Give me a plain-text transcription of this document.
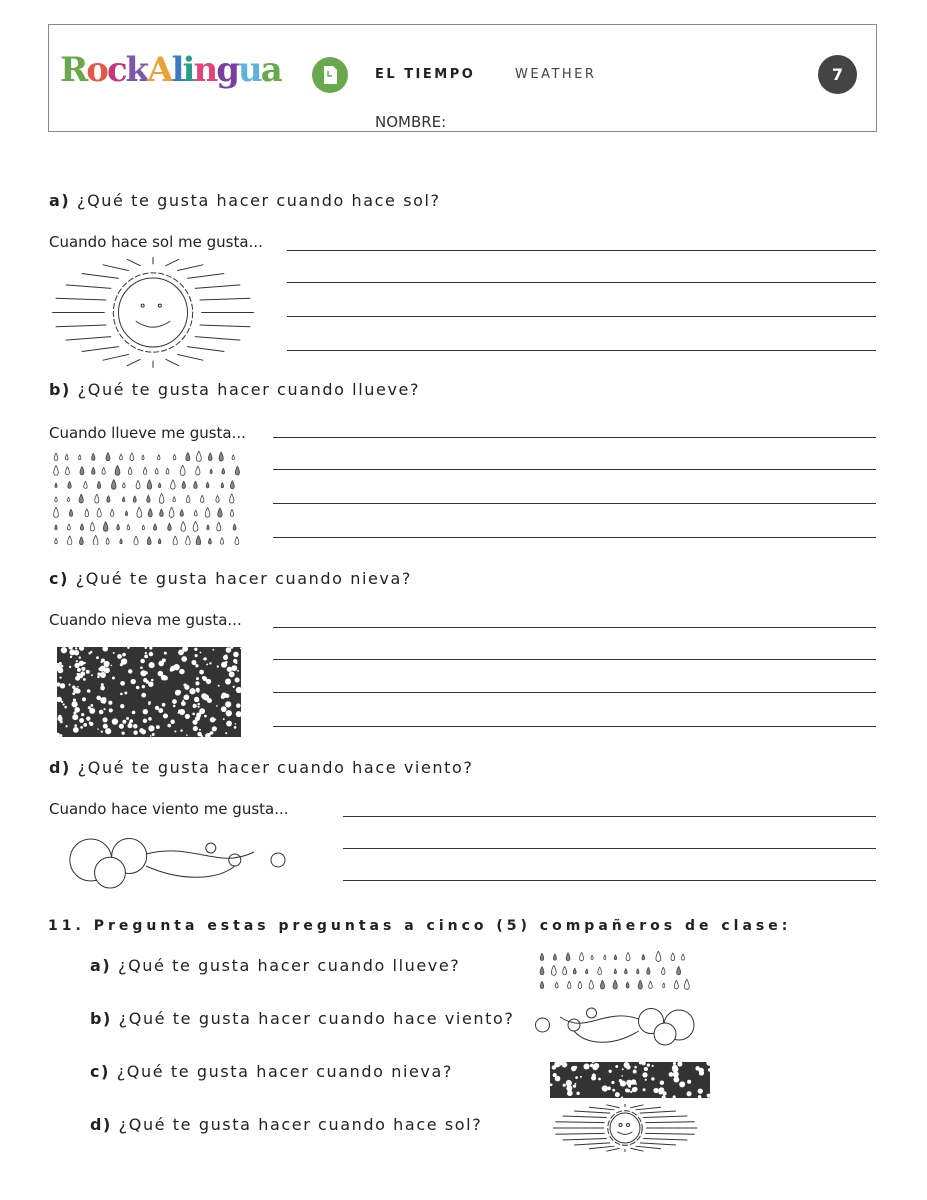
RockAlingua	EL TIEMPO	WEATHER	7
NOMBRE:
a) ¿Qué te gusta hacer cuando hace sol?
Cuando hace sol me gusta...
b) ¿Qué te gusta hacer cuando llueve?
Cuando llueve me gusta...
c) ¿Qué te gusta hacer cuando nieva?
Cuando nieva me gusta...
d) ¿Qué te gusta hacer cuando hace viento?
Cuando hace viento me gusta...
11. Pregunta estas preguntas a cinco (5) compañeros de clase:
a) ¿Qué te gusta hacer cuando llueve?
b) ¿Qué te gusta hacer cuando hace viento?
c) ¿Qué te gusta hacer cuando nieva?
d) ¿Qué te gusta hacer cuando hace sol?
